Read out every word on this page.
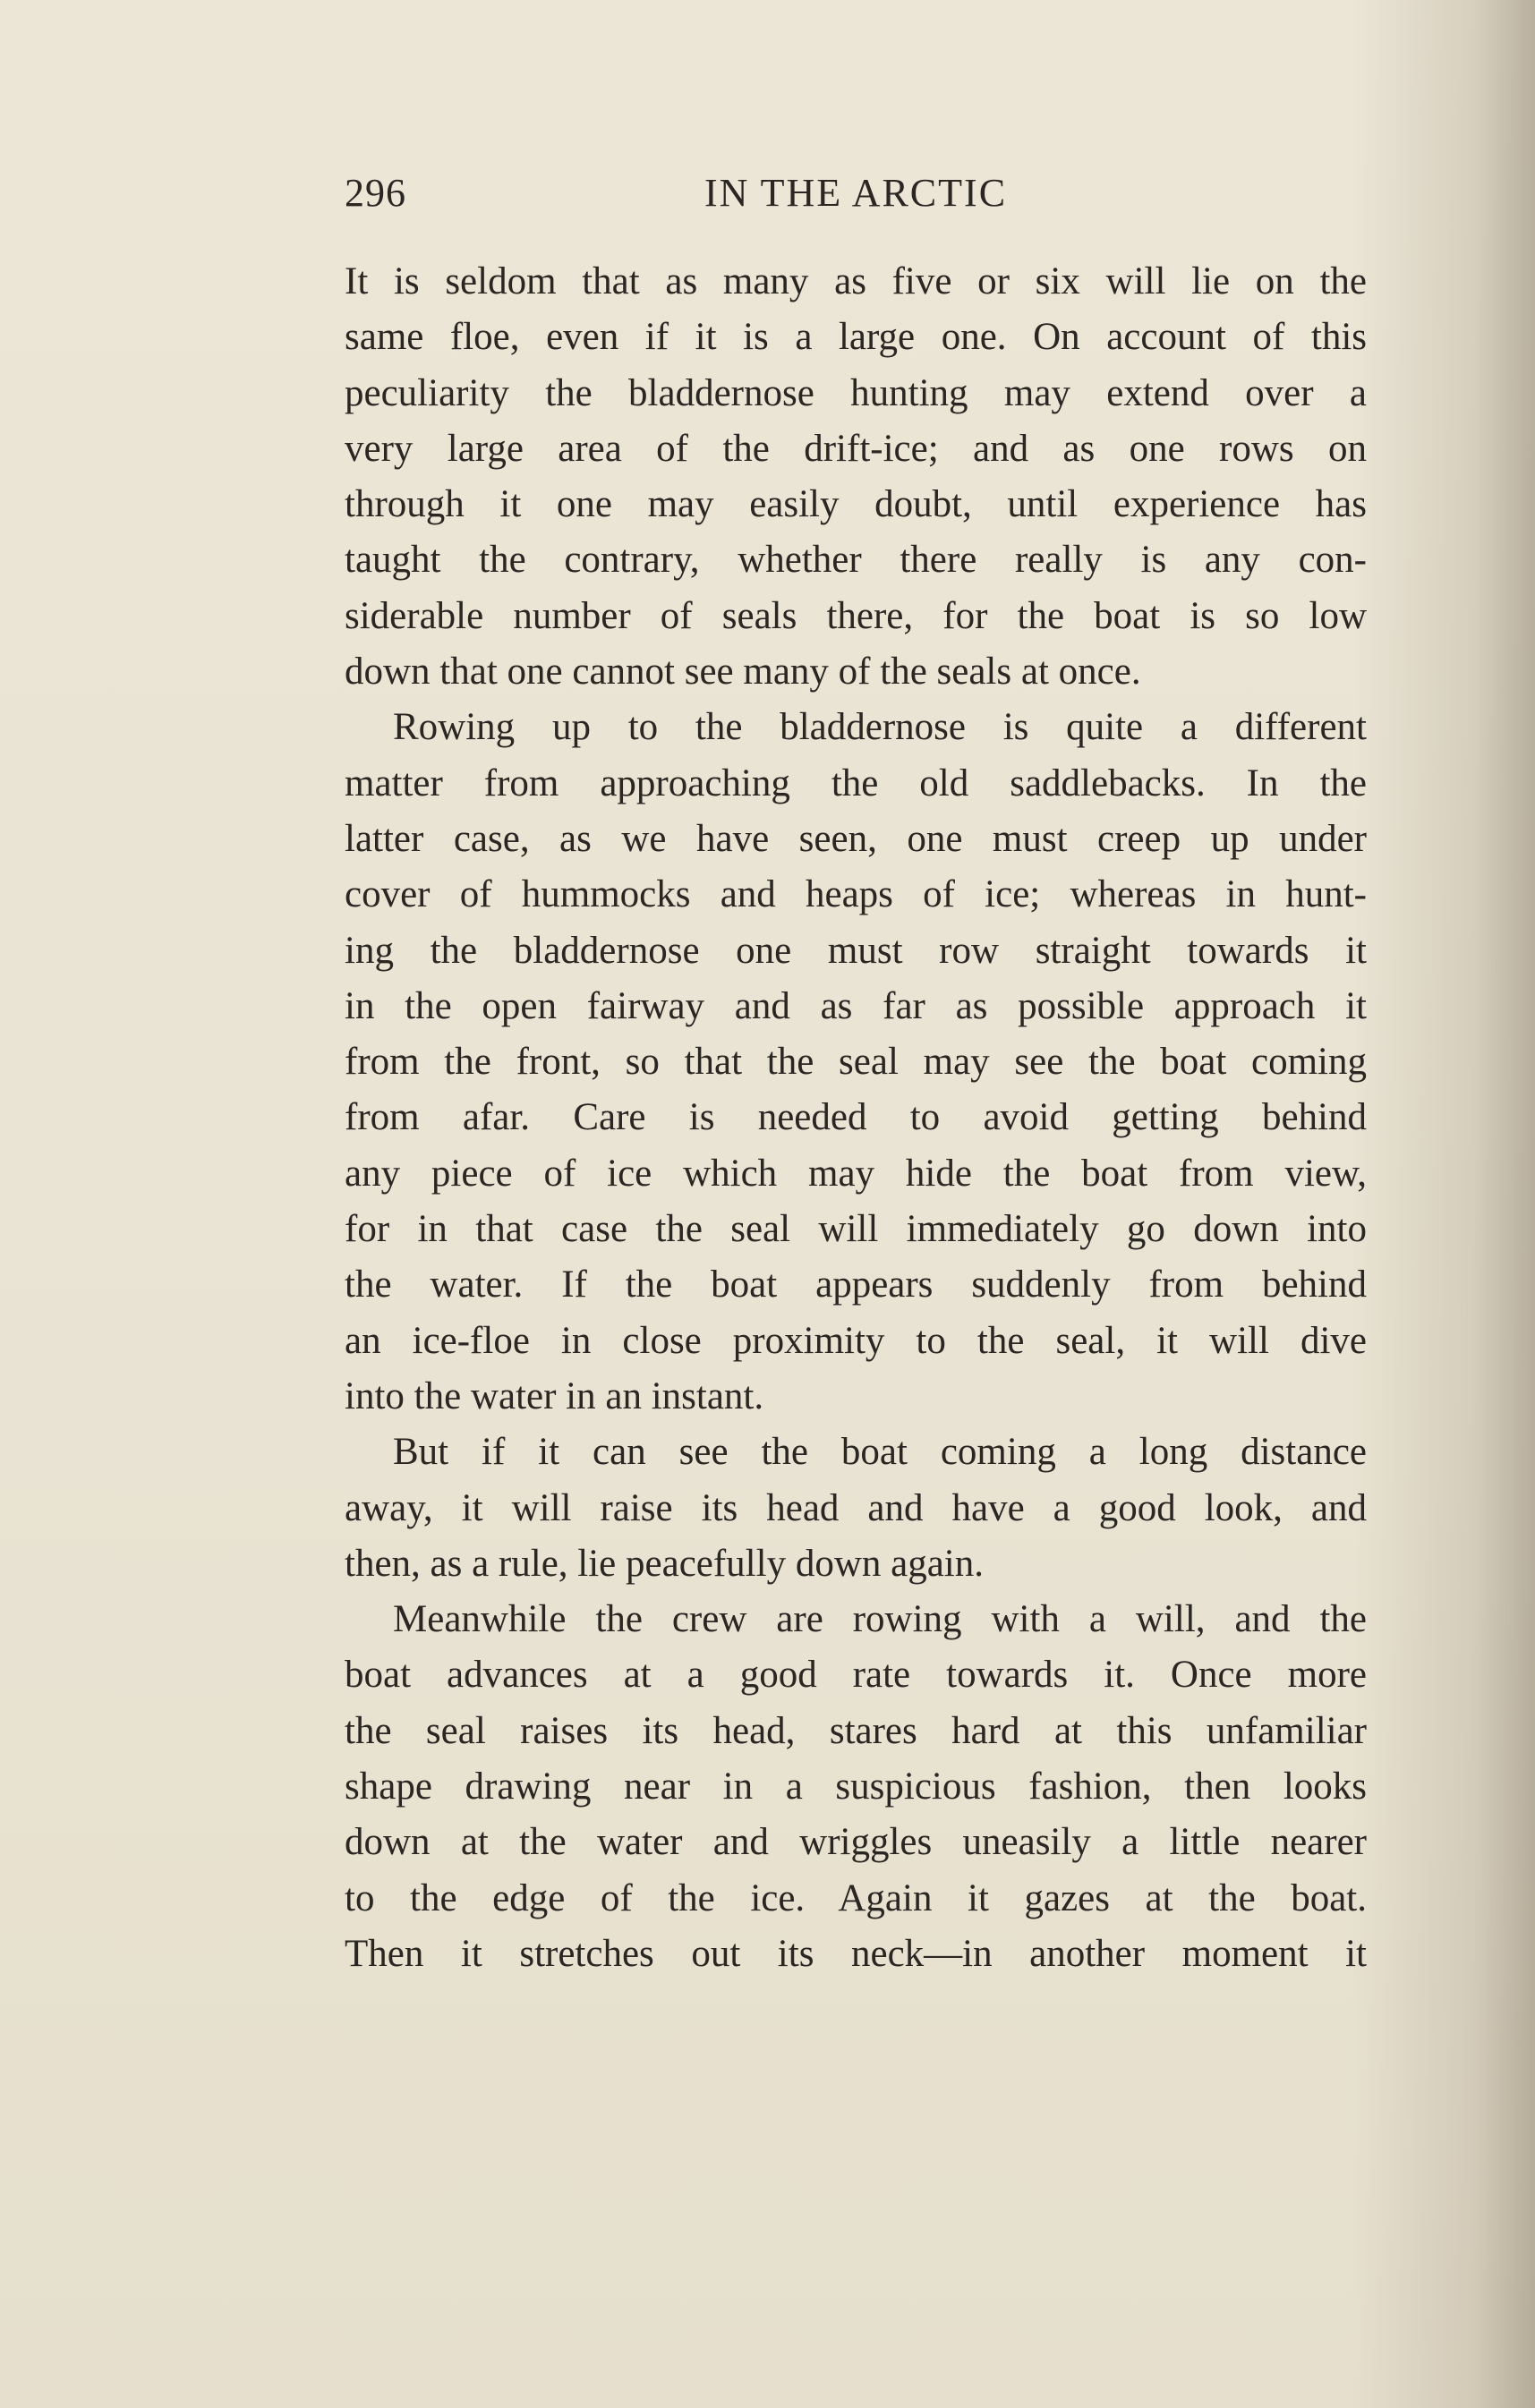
296	IN THE ARCTIC
It is seldom that as many as five or six will lie on the
same floe, even if it is a large one. On account of this
peculiarity the bladdernose hunting may extend over a
very large area of the drift-ice; and as one rows on
through it one may easily doubt, until experience has
taught the contrary, whether there really is any con-
siderable number of seals there, for the boat is so low
down that one cannot see many of the seals at once.
Rowing up to the bladdernose is quite a different
matter from approaching the old saddlebacks. In the
latter case, as we have seen, one must creep up under
cover of hummocks and heaps of ice; whereas in hunt-
ing the bladdernose one must row straight towards it
in the open fairway and as far as possible approach it
from the front, so that the seal may see the boat coming
from afar. Care is needed to avoid getting behind
any piece of ice which may hide the boat from view,
for in that case the seal will immediately go down into
the water. If the boat appears suddenly from behind
an ice-floe in close proximity to the seal, it will dive
into the water in an instant.
But if it can see the boat coming a long distance
away, it will raise its head and have a good look, and
then, as a rule, lie peacefully down again.
Meanwhile the crew are rowing with a will, and the
boat advances at a good rate towards it. Once more
the seal raises its head, stares hard at this unfamiliar
shape drawing near in a suspicious fashion, then looks
down at the water and wriggles uneasily a little nearer
to the edge of the ice. Again it gazes at the boat.
Then it stretches out its neck—in another moment it
